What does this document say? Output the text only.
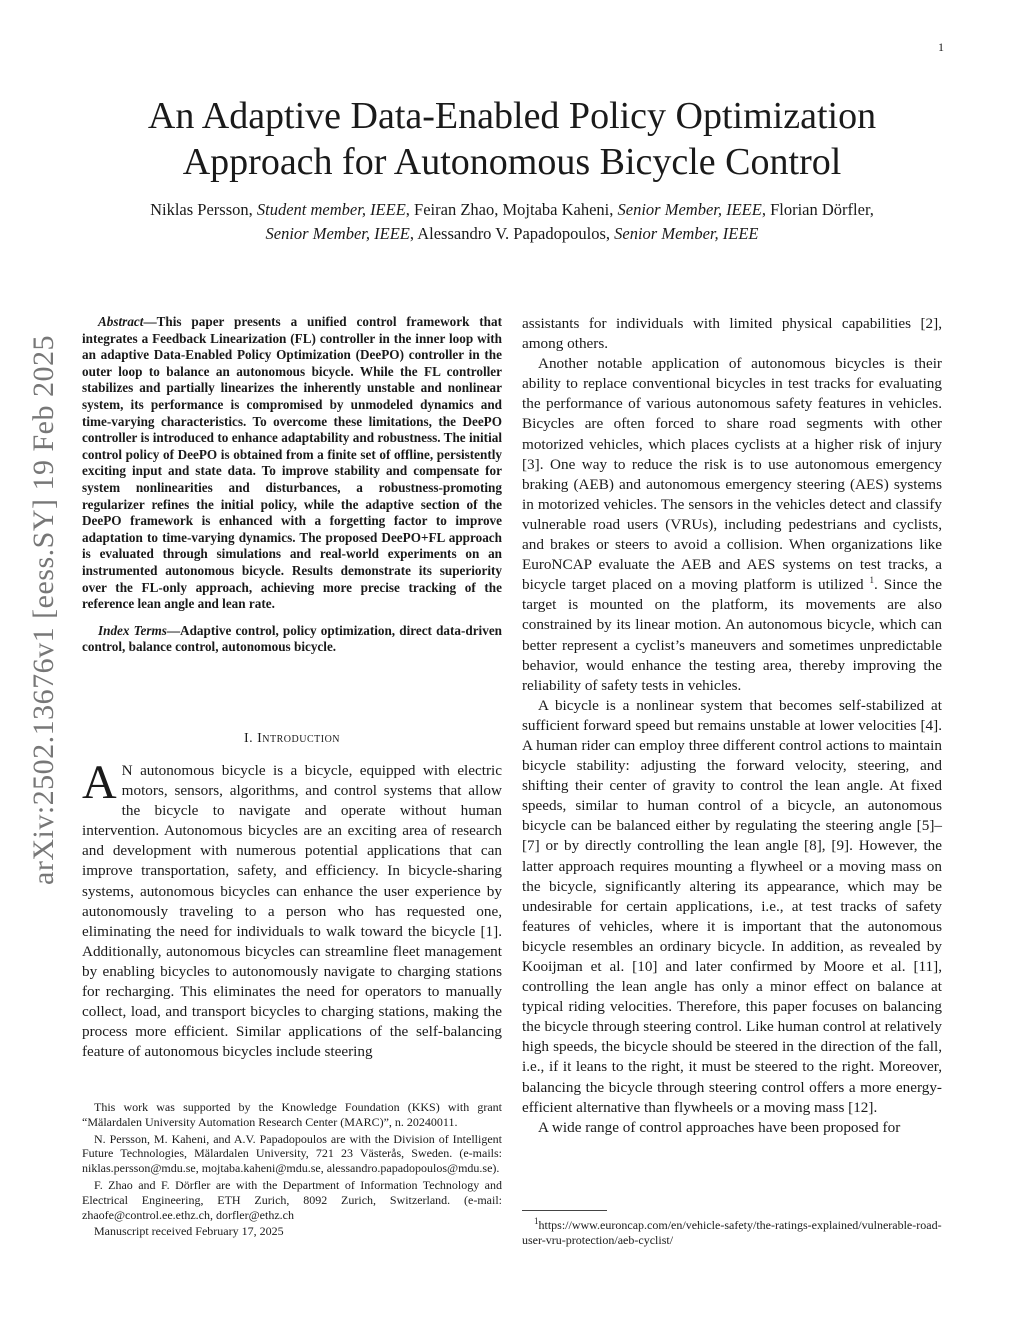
1
arXiv:2502.13676v1 [eess.SY] 19 Feb 2025
An Adaptive Data-Enabled Policy Optimization
Approach for Autonomous Bicycle Control
Niklas Persson, Student member, IEEE, Feiran Zhao, Mojtaba Kaheni, Senior Member, IEEE, Florian Dörfler,
Senior Member, IEEE, Alessandro V. Papadopoulos, Senior Member, IEEE

Abstract—This paper presents a unified control framework that integrates a Feedback Linearization (FL) controller in the inner loop with an adaptive Data-Enabled Policy Optimization (DeePO) controller in the outer loop to balance an autonomous bicycle. While the FL controller stabilizes and partially linearizes the inherently unstable and nonlinear system, its performance is compromised by unmodeled dynamics and time-varying characteristics. To overcome these limitations, the DeePO controller is introduced to enhance adaptability and robustness. The initial control policy of DeePO is obtained from a finite set of offline, persistently exciting input and state data. To improve stability and compensate for system nonlinearities and disturbances, a robustness-promoting regularizer refines the initial policy, while the adaptive section of the DeePO framework is enhanced with a forgetting factor to improve adaptation to time-varying dynamics. The proposed DeePO+FL approach is evaluated through simulations and real-world experiments on an instrumented autonomous bicycle. Results demonstrate its superiority over the FL-only approach, achieving more precise tracking of the reference lean angle and lean rate.

Index Terms—Adaptive control, policy optimization, direct data-driven control, balance control, autonomous bicycle.

I. Introduction

A N autonomous bicycle is a bicycle, equipped with electric motors, sensors, algorithms, and control systems that allow the bicycle to navigate and operate without human intervention. Autonomous bicycles are an exciting area of research and development with numerous potential applications that can improve transportation, safety, and efficiency. In bicycle-sharing systems, autonomous bicycles can enhance the user experience by autonomously traveling to a person who has requested one, eliminating the need for individuals to walk toward the bicycle [1]. Additionally, autonomous bicycles can streamline fleet management by enabling bicycles to autonomously navigate to charging stations for recharging. This eliminates the need for operators to manually collect, load, and transport bicycles to charging stations, making the process more efficient. Similar applications of the self-balancing feature of autonomous bicycles include steering

This work was supported by the Knowledge Foundation (KKS) with grant “Mälardalen University Automation Research Center (MARC)”, n. 20240011.

N. Persson, M. Kaheni, and A.V. Papadopoulos are with the Division of Intelligent Future Technologies, Mälardalen University, 721 23 Västerås, Sweden. (e-mails: niklas.persson@mdu.se, mojtaba.kaheni@mdu.se, alessandro.papadopoulos@mdu.se).

F. Zhao and F. Dörfler are with the Department of Information Technology and Electrical Engineering, ETH Zurich, 8092 Zurich, Switzerland. (e-mail: zhaofe@control.ee.ethz.ch, dorfler@ethz.ch

Manuscript received February 17, 2025

assistants for individuals with limited physical capabilities [2], among others.

Another notable application of autonomous bicycles is their ability to replace conventional bicycles in test tracks for evaluating the performance of various autonomous safety features in vehicles. Bicycles are often forced to share road segments with other motorized vehicles, which places cyclists at a higher risk of injury [3]. One way to reduce the risk is to use autonomous emergency braking (AEB) and autonomous emergency steering (AES) systems in motorized vehicles. The sensors in the vehicles detect and classify vulnerable road users (VRUs), including pedestrians and cyclists, and brakes or steers to avoid a collision. When organizations like EuroNCAP evaluate the AEB and AES systems on test tracks, a bicycle target placed on a moving platform is utilized $^1$. Since the target is mounted on the platform, its movements are also constrained by its linear motion. An autonomous bicycle, which can better represent a cyclist’s maneuvers and sometimes unpredictable behavior, would enhance the testing area, thereby improving the reliability of safety tests in vehicles.

A bicycle is a nonlinear system that becomes self-stabilized at sufficient forward speed but remains unstable at lower velocities [4]. A human rider can employ three different control actions to maintain bicycle stability: adjusting the forward velocity, steering, and shifting their center of gravity to control the lean angle. At fixed speeds, similar to human control of a bicycle, an autonomous bicycle can be balanced either by regulating the steering angle [5]–[7] or by directly controlling the lean angle [8], [9]. However, the latter approach requires mounting a flywheel or a moving mass on the bicycle, significantly altering its appearance, which may be undesirable for certain applications, i.e., at test tracks of safety features of vehicles, where it is important that the autonomous bicycle resembles an ordinary bicycle. In addition, as revealed by Kooijman et al. [10] and later confirmed by Moore et al. [11], controlling the lean angle has only a minor effect on balance at typical riding velocities. Therefore, this paper focuses on balancing the bicycle through steering control. Like human control at relatively high speeds, the bicycle should be steered in the direction of the fall, i.e., if it leans to the right, it must be steered to the right. Moreover, balancing the bicycle through steering control offers a more energy-efficient alternative than flywheels or a moving mass [12].

A wide range of control approaches have been proposed for

$^1$https://www.euroncap.com/en/vehicle-safety/the-ratings-explained/vulnerable-road-user-vru-protection/aeb-cyclist/
